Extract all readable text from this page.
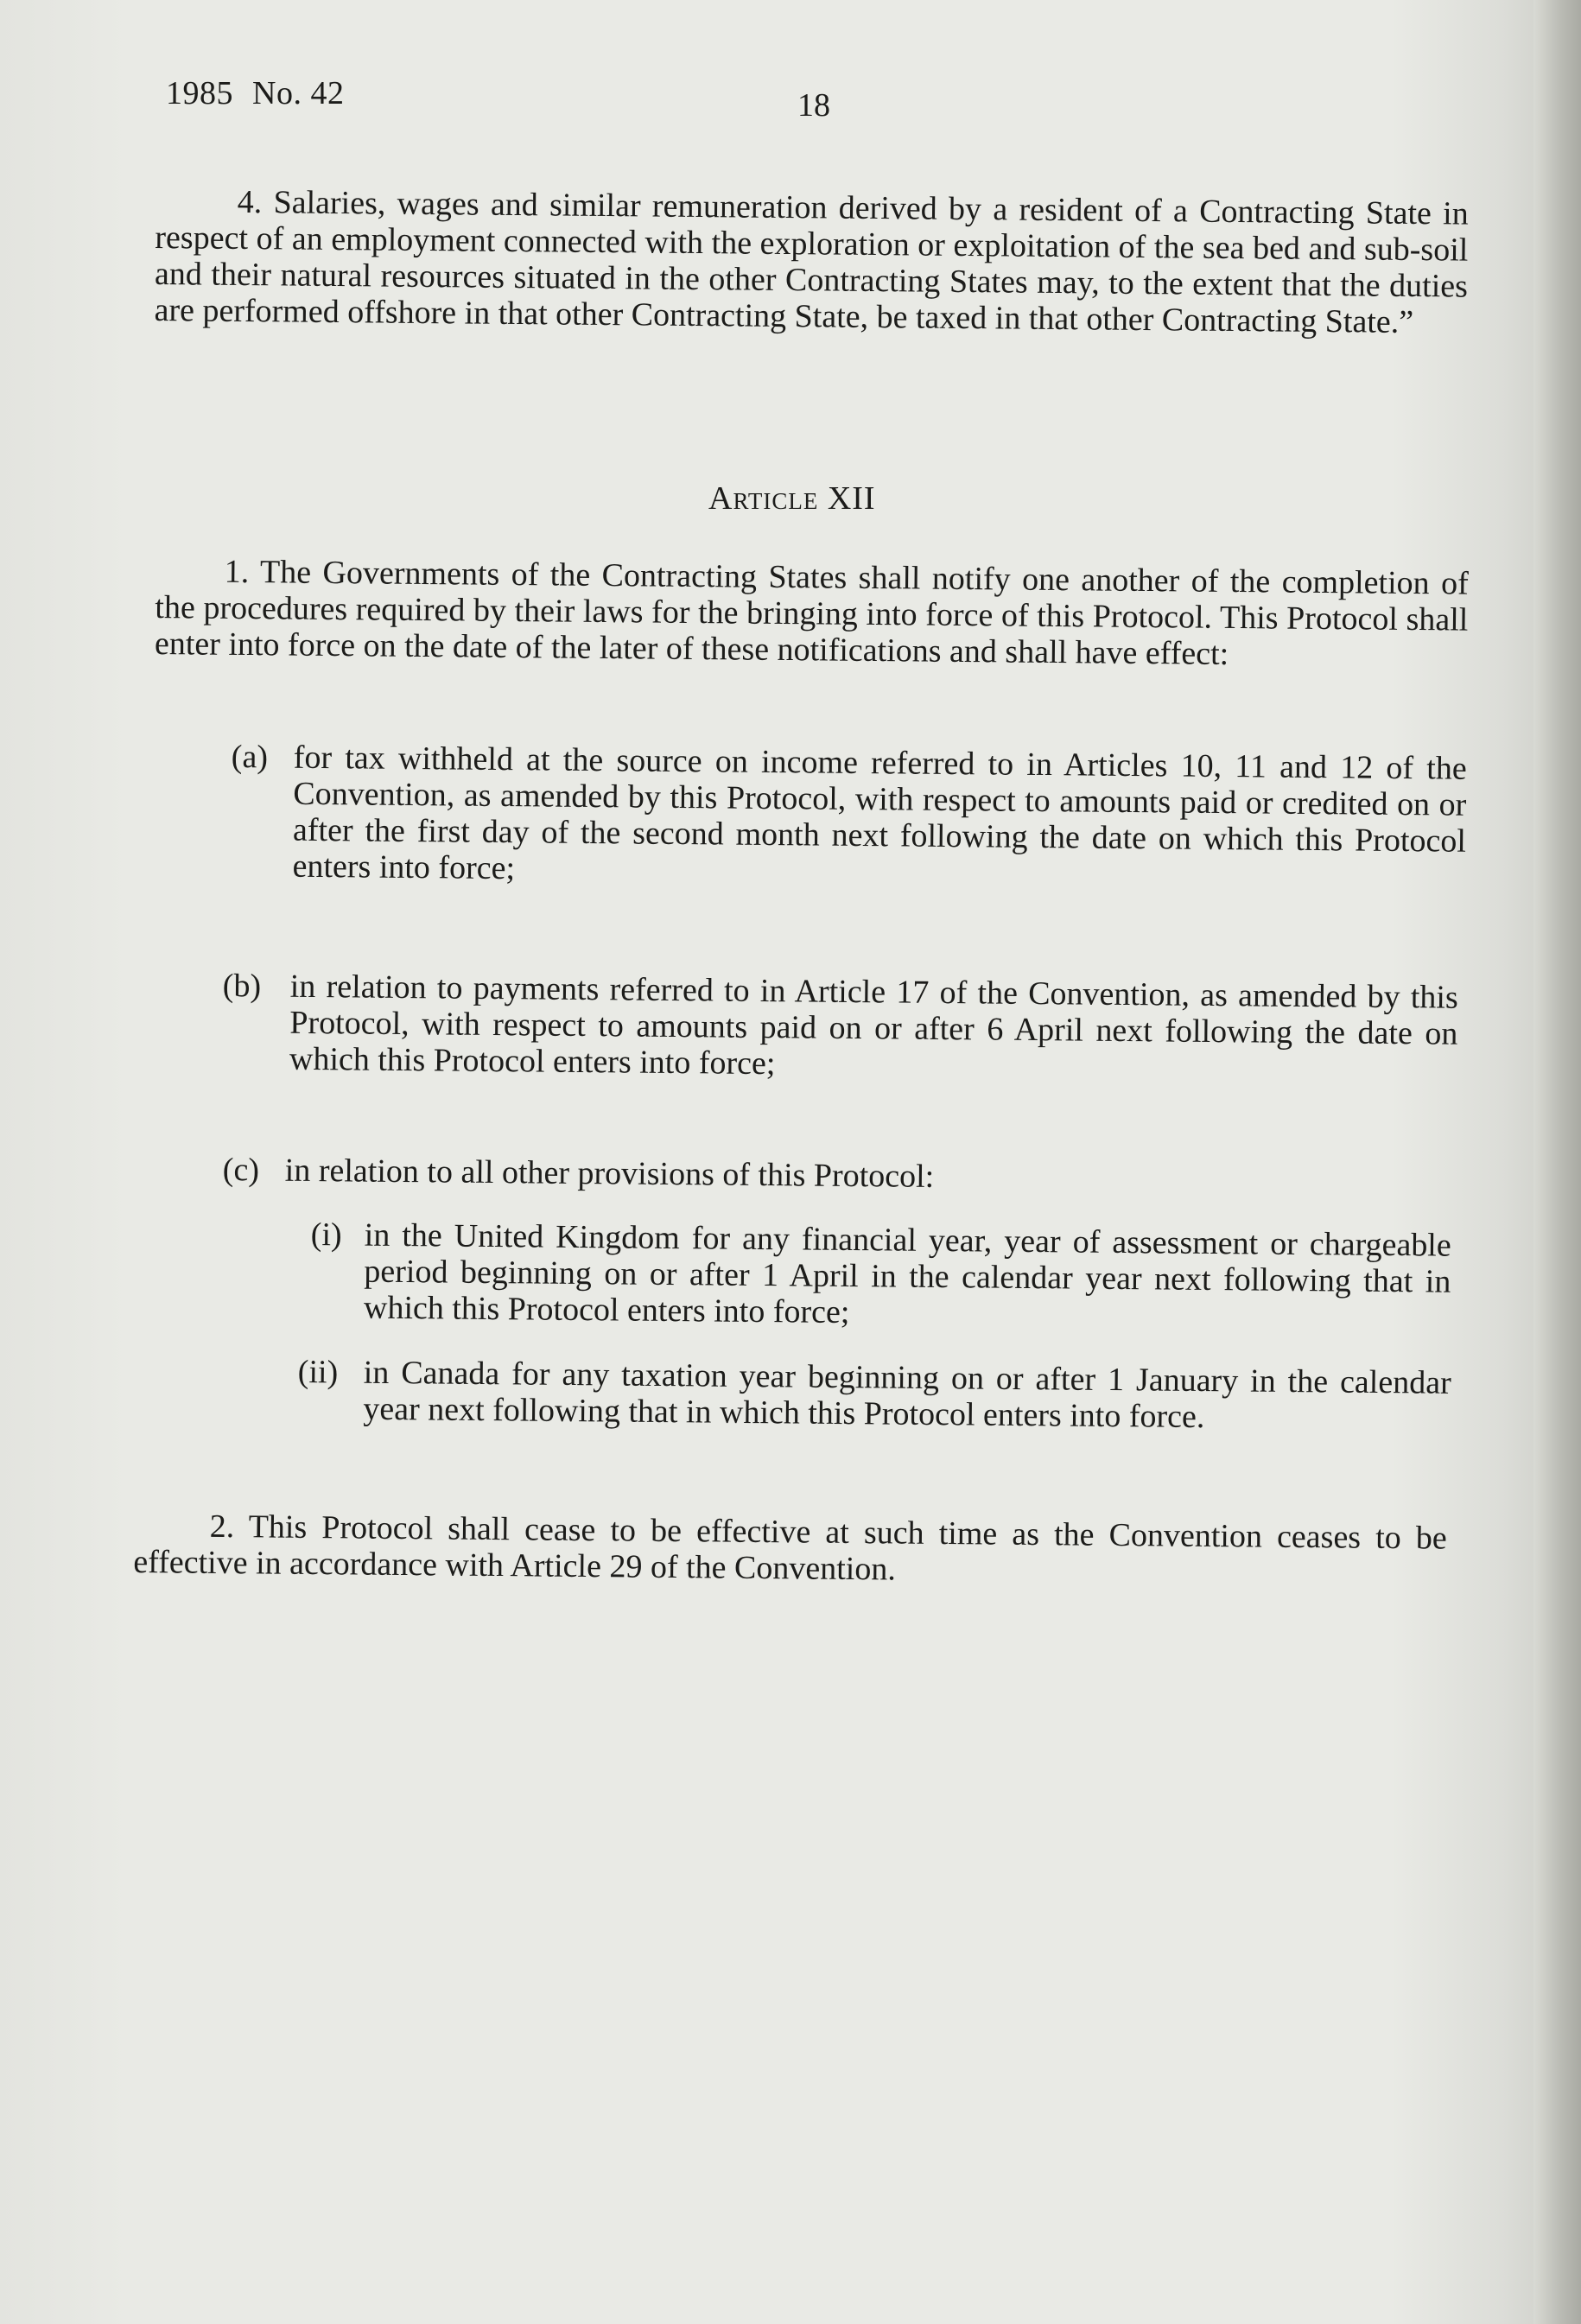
1985 No. 42	18

4. Salaries, wages and similar remuneration derived by a resident of a Contracting State in respect of an employment connected with the exploration or exploitation of the sea bed and sub-soil and their natural resources situated in the other Contracting States may, to the extent that the duties are performed offshore in that other Contracting State, be taxed in that other Contracting State.”

Article XII

1. The Governments of the Contracting States shall notify one another of the completion of the procedures required by their laws for the bringing into force of this Protocol. This Protocol shall enter into force on the date of the later of these notifications and shall have effect:

(a) for tax withheld at the source on income referred to in Articles 10, 11 and 12 of the Convention, as amended by this Protocol, with respect to amounts paid or credited on or after the first day of the second month next following the date on which this Protocol enters into force;
(b) in relation to payments referred to in Article 17 of the Convention, as amended by this Protocol, with respect to amounts paid on or after 6 April next following the date on which this Protocol enters into force;
(c) in relation to all other provisions of this Protocol:
(i) in the United Kingdom for any financial year, year of assessment or chargeable period beginning on or after 1 April in the calendar year next following that in which this Protocol enters into force;
(ii) in Canada for any taxation year beginning on or after 1 January in the calendar year next following that in which this Protocol enters into force.

2. This Protocol shall cease to be effective at such time as the Convention ceases to be effective in accordance with Article 29 of the Convention.
